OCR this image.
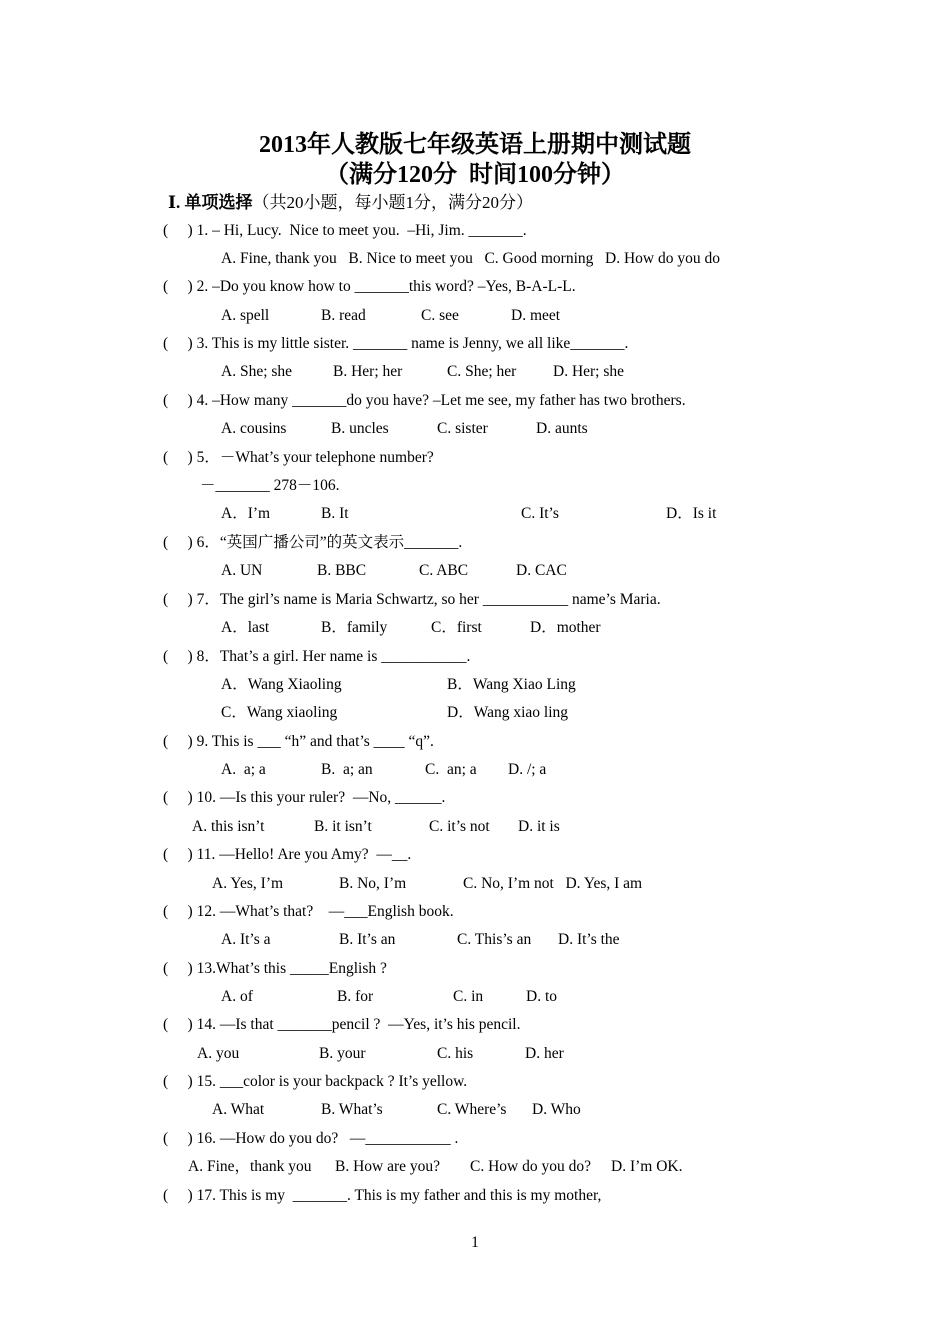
2013年人教版七年级英语上册期中测试题
（满分120分  时间100分钟）
Ⅰ. 单项选择（共20小题，每小题1分，满分20分）
(     ) 1. – Hi, Lucy.  Nice to meet you.  –Hi, Jim. _______.
A. Fine, thank you   B. Nice to meet you   C. Good morning   D. How do you do
(     ) 2. –Do you know how to _______this word? –Yes, B-A-L-L.
A. spell	B. read	C. see	D. meet
(     ) 3. This is my little sister. _______ name is Jenny, we all like_______.
A. She; she	B. Her; her	C. She; her D. Her; she
(     ) 4. –How many _______do you have? –Let me see, my father has two brothers.
A. cousins	B. uncles	C. sister	D. aunts
(     ) 5．－What’s your telephone number?
－_______ 278－106.
A．I’m	B. It	C. It’s	D．Is it
(     ) 6．“英国广播公司”的英文表示_______.
A. UN	B. BBC	C. ABC	D. CAC
(     ) 7．The girl’s name is Maria Schwartz, so her ___________ name’s Maria.
A．last	B．family	C．first	D．mother
(     ) 8．That’s a girl. Her name is ___________.
A．Wang Xiaoling	B．Wang Xiao Ling
C．Wang xiaoling	D．Wang xiao ling
(     ) 9. This is ___ “h” and that’s ____ “q”.
A.  a; a	B.  a; an	C.  an; a D. /; a
(     ) 10. —Is this your ruler?  —No, ______.
A. this isn’t	B. it isn’t	C. it’s not D. it is
(     ) 11. —Hello! Are you Amy?  —__.
A. Yes, I’m	B. No, I’m	C. No, I’m not   D. Yes, I am
(     ) 12. —What’s that?    —___English book.
A. It’s a	B. It’s an	C. This’s an D. It’s the
(     ) 13.What’s this _____English ?
A. of	B. for	C. in	D. to
(     ) 14. —Is that _______pencil ?  —Yes, it’s his pencil.
A. you	B. your	C. his	D. her
(     ) 15. ___color is your backpack ? It’s yellow.
A. What	B. What’s	C. Where’s D. Who
(     ) 16. —How do you do?   —___________ .
A. Fine，thank you B. How are you? C. How do you do? D. I’m OK.
(     ) 17. This is my  _______. This is my father and this is my mother,
1
